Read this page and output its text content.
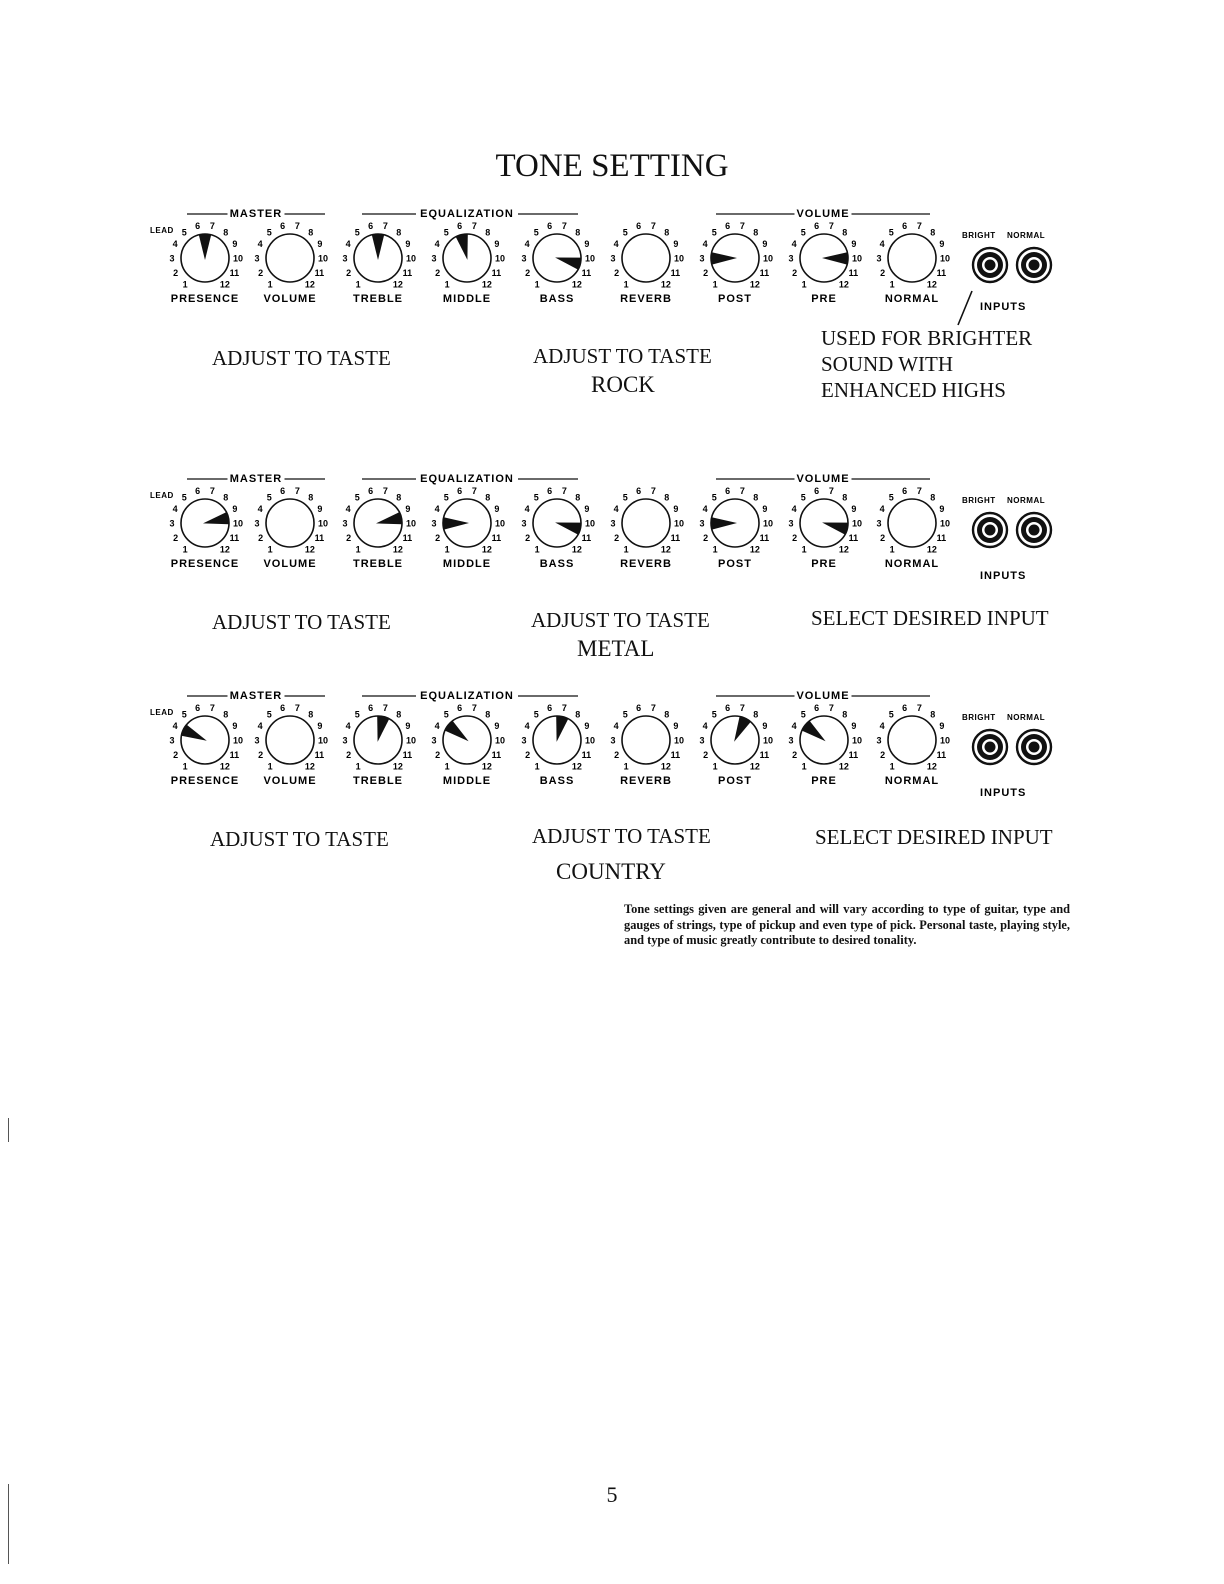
TONE SETTING
MASTER	EQUALIZATION	VOLUME
LEAD
1
2
3
4
5
6 7
8
9
10
11
12
PRESENCE
1
2
3
4
5
6 7
8
9
10
11
12
VOLUME
1
2
3
4
5
6 7
8
9
10
11
12
TREBLE
1
2
3
4
5
6 7
8
9
10
11
12
MIDDLE
1
2
3
4
5
6 7
8
9
10
11
12
BASS
1
2
3
4
5
6 7
8
9
10
11
12
REVERB
1
2
3
4
5
6 7
8
9
10
11
12
POST
1
2
3
4
5
6 7
8
9
10
11
12
PRE
1
2
3
4
5
6 7
8
9
10
11
12
NORMAL
BRIGHT NORMAL
INPUTS
ADJUST TO TASTE	ADJUST TO TASTE
ROCK
USED FOR BRIGHTER
SOUND WITH
ENHANCED HIGHS
MASTER	EQUALIZATION	VOLUME
LEAD
1
2
3
4
5
6 7
8
9
10
11
12
PRESENCE
1
2
3
4
5
6 7
8
9
10
11
12
VOLUME
1
2
3
4
5
6 7
8
9
10
11
12
TREBLE
1
2
3
4
5
6 7
8
9
10
11
12
MIDDLE
1
2
3
4
5
6 7
8
9
10
11
12
BASS
1
2
3
4
5
6 7
8
9
10
11
12
REVERB
1
2
3
4
5
6 7
8
9
10
11
12
POST
1
2
3
4
5
6 7
8
9
10
11
12
PRE
1
2
3
4
5
6 7
8
9
10
11
12
NORMAL
BRIGHT NORMAL
INPUTS
ADJUST TO TASTE	ADJUST TO TASTE
METAL
SELECT DESIRED INPUT
MASTER	EQUALIZATION	VOLUME
LEAD
1
2
3
4
5
6 7
8
9
10
11
12
PRESENCE
1
2
3
4
5
6 7
8
9
10
11
12
VOLUME
1
2
3
4
5
6 7
8
9
10
11
12
TREBLE
1
2
3
4
5
6 7
8
9
10
11
12
MIDDLE
1
2
3
4
5
6 7
8
9
10
11
12
BASS
1
2
3
4
5
6 7
8
9
10
11
12
REVERB
1
2
3
4
5
6 7
8
9
10
11
12
POST
1
2
3
4
5
6 7
8
9
10
11
12
PRE
1
2
3
4
5
6 7
8
9
10
11
12
NORMAL
BRIGHT NORMAL
INPUTS
ADJUST TO TASTE	ADJUST TO TASTE
COUNTRY
SELECT DESIRED INPUT
Tone settings given are general and will vary according to type of guitar, type and gauges of strings, type of pickup and even type of pick. Personal taste, playing style, and type of music greatly contribute to desired tonality.
5
